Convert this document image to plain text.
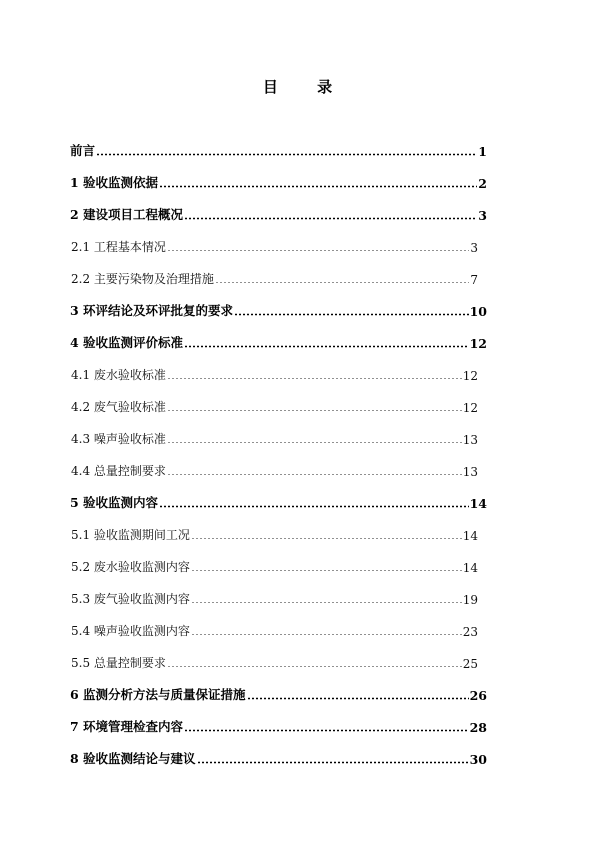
目	录
前言	1
1 验收监测依据	2
2 建设项目工程概况	3
2.1 工程基本情况	3
2.2 主要污染物及治理措施	7
3 环评结论及环评批复的要求	10
4 验收监测评价标准	12
4.1 废水验收标准	12
4.2 废气验收标准	12
4.3 噪声验收标准	13
4.4 总量控制要求	13
5 验收监测内容	14
5.1 验收监测期间工况	14
5.2 废水验收监测内容	14
5.3 废气验收监测内容	19
5.4 噪声验收监测内容	23
5.5 总量控制要求	25
6 监测分析方法与质量保证措施	26
7 环境管理检查内容	28
8 验收监测结论与建议	30
